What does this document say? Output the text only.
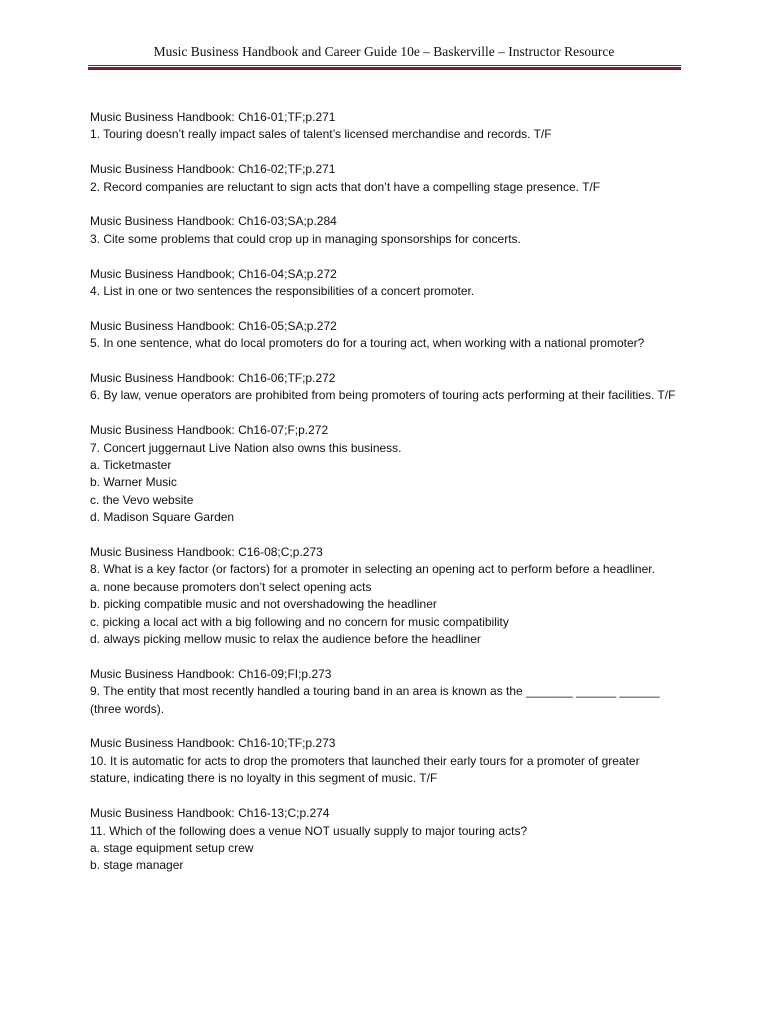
Music Business Handbook and Career Guide 10e – Baskerville – Instructor Resource
Music Business Handbook: Ch16-01;TF;p.271
1. Touring doesn’t really impact sales of talent’s licensed merchandise and records. T/F
Music Business Handbook: Ch16-02;TF;p.271
2. Record companies are reluctant to sign acts that don’t have a compelling stage presence. T/F
Music Business Handbook: Ch16-03;SA;p.284
3. Cite some problems that could crop up in managing sponsorships for concerts.
Music Business Handbook; Ch16-04;SA;p.272
4. List in one or two sentences the responsibilities of a concert promoter.
Music Business Handbook: Ch16-05;SA;p.272
5. In one sentence, what do local promoters do for a touring act, when working with a national promoter?
Music Business Handbook: Ch16-06;TF;p.272
6. By law, venue operators are prohibited from being promoters of touring acts performing at their facilities. T/F
Music Business Handbook: Ch16-07;F;p.272
7. Concert juggernaut Live Nation also owns this business.
a. Ticketmaster
b. Warner Music
c. the Vevo website
d. Madison Square Garden
Music Business Handbook: C16-08;C;p.273
8. What is a key factor (or factors) for a promoter in selecting an opening act to perform before a headliner.
a. none because promoters don’t select opening acts
b. picking compatible music and not overshadowing the headliner
c. picking a local act with a big following and no concern for music compatibility
d. always picking mellow music to relax the audience before the headliner
Music Business Handbook: Ch16-09;FI;p.273
9. The entity that most recently handled a touring band in an area is known as the _______ ______ ______ (three words).
Music Business Handbook: Ch16-10;TF;p.273
10. It is automatic for acts to drop the promoters that launched their early tours for a promoter of greater stature, indicating there is no loyalty in this segment of music. T/F
Music Business Handbook: Ch16-13;C;p.274
11. Which of the following does a venue NOT usually supply to major touring acts?
a. stage equipment setup crew
b. stage manager
